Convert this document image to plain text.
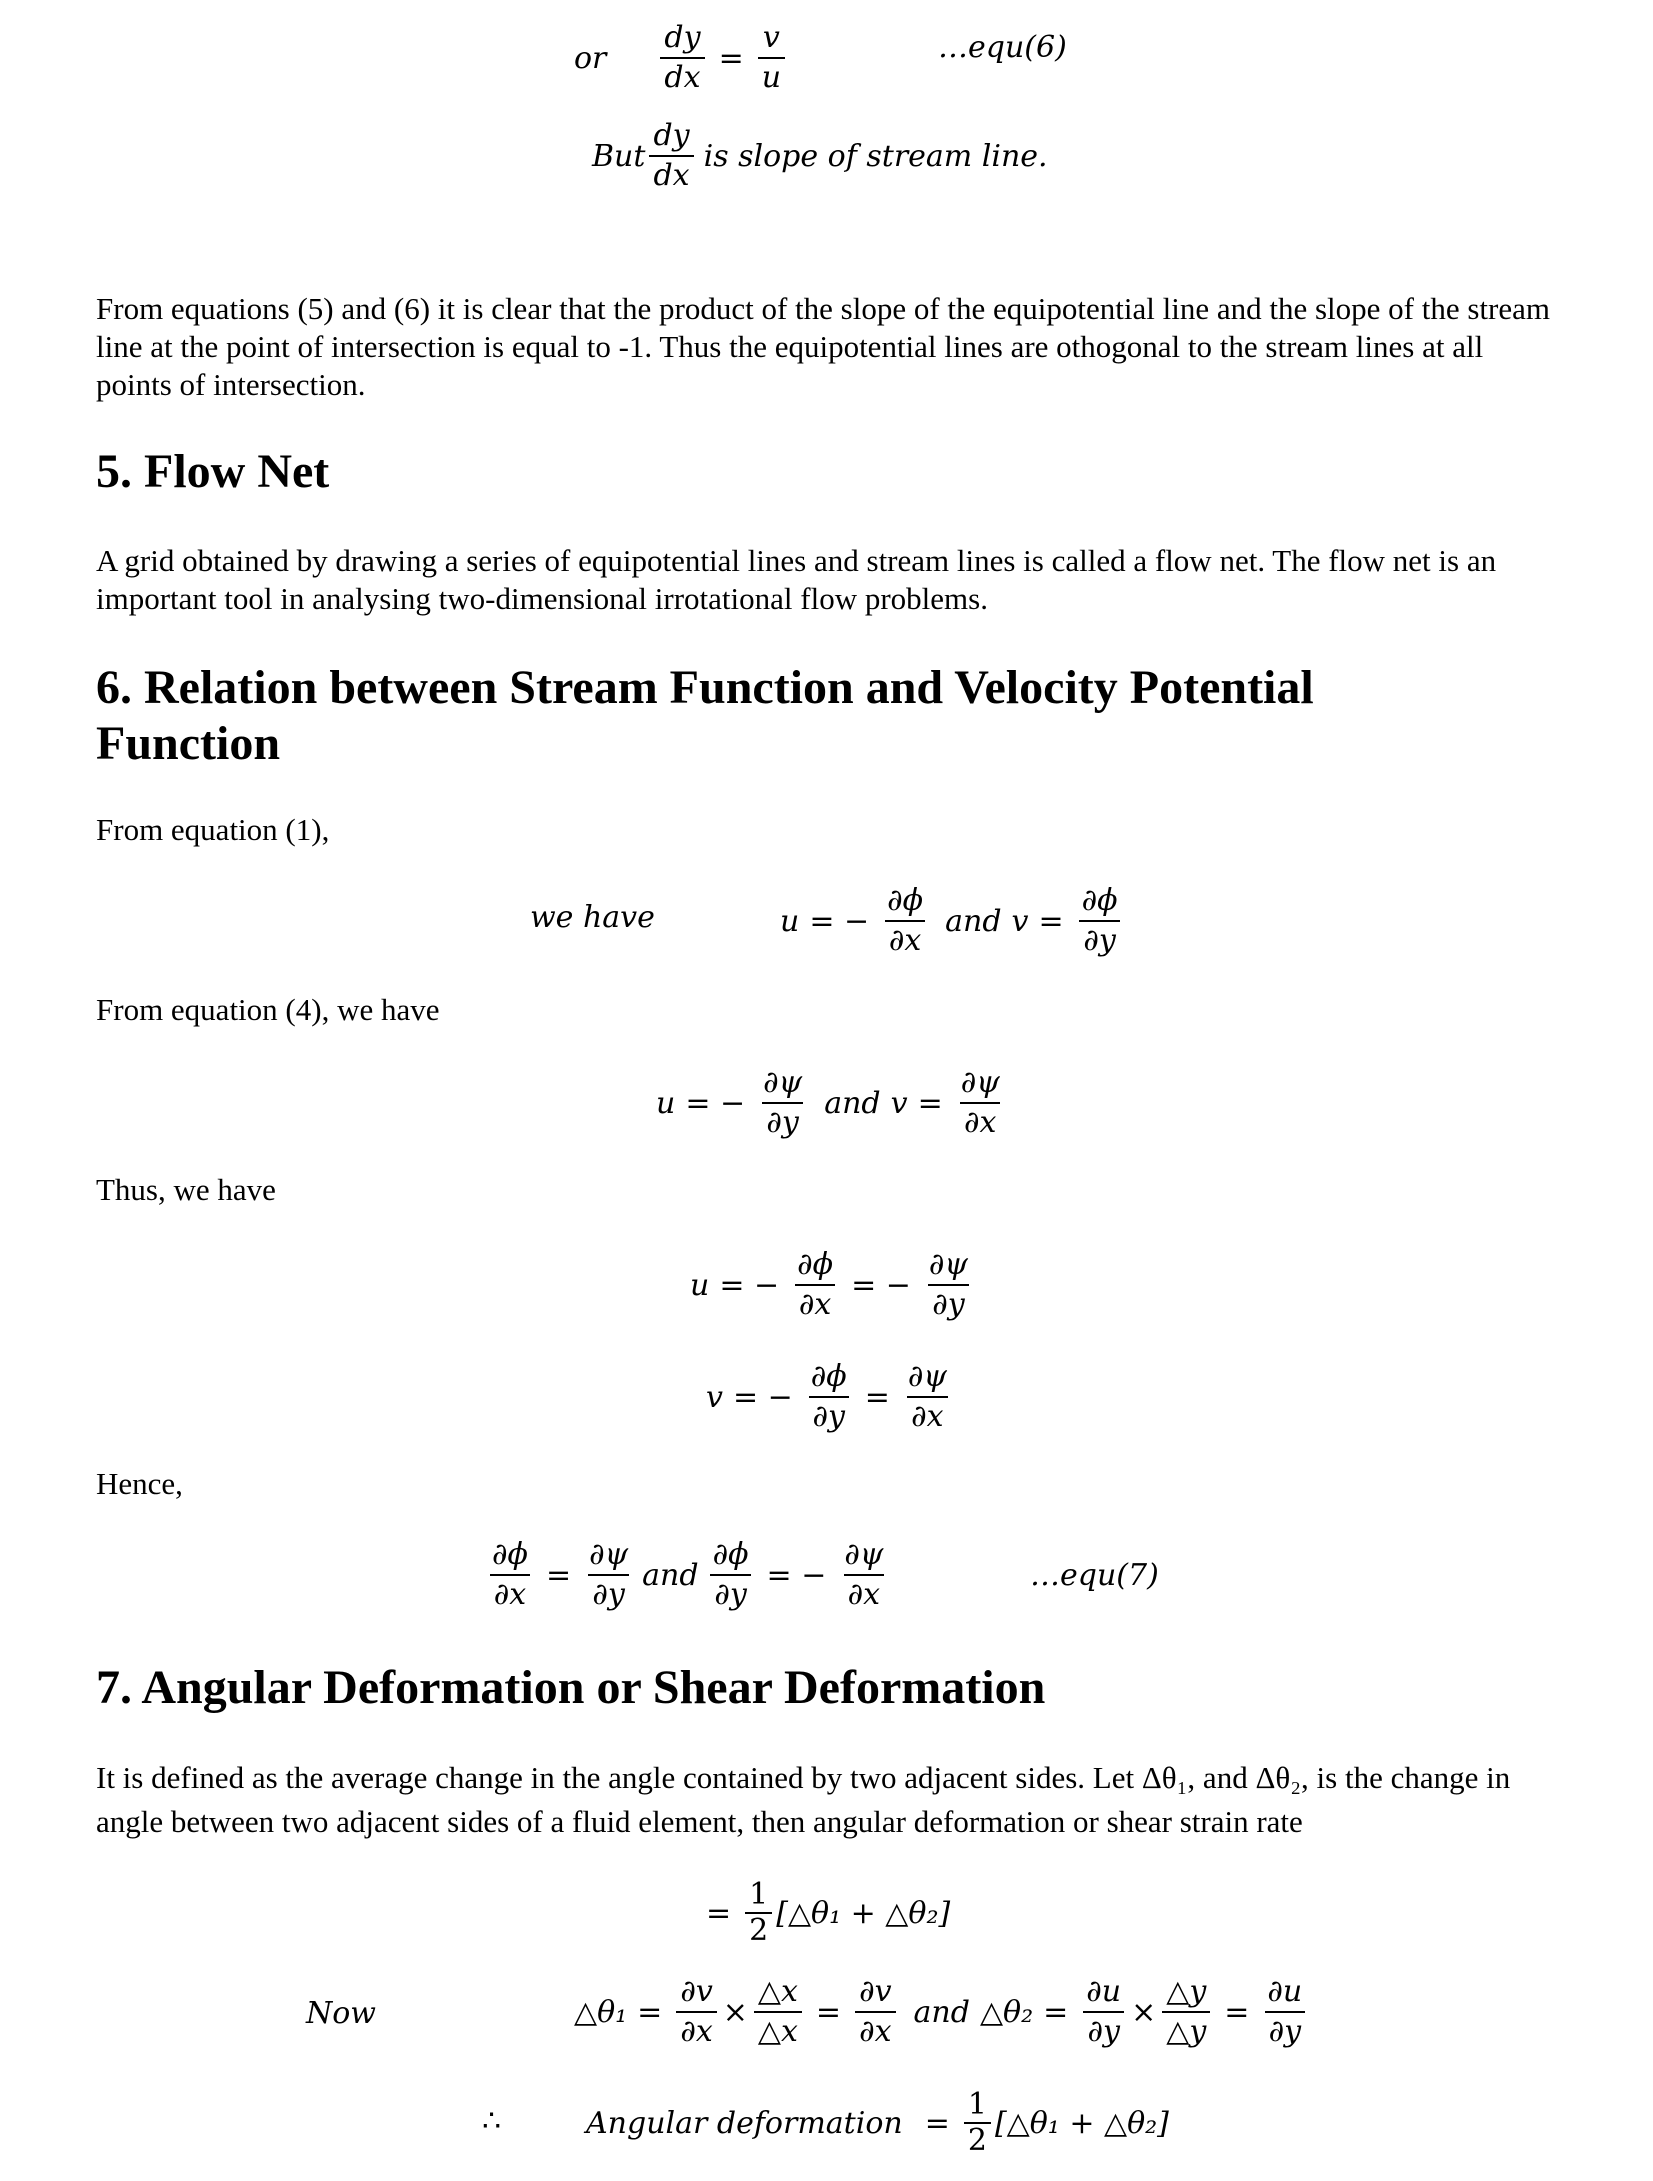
or $\frac{dy}{dx} = \frac{v}{u}$	…equ(6)
But $\frac{dy}{dx}$ is slope of stream line.
From equations (5) and (6) it is clear that the product of the slope of the equipotential line and the slope of the stream line at the point of intersection is equal to -1. Thus the equipotential lines are othogonal to the stream lines at all points of intersection.
5. Flow Net
A grid obtained by drawing a series of equipotential lines and stream lines is called a flow net. The flow net is an important tool in analysing two-dimensional irrotational flow problems.
6. Relation between Stream Function and Velocity Potential Function
From equation (1),
we have	u = − $\frac{\partial\phi}{\partial x}$ and $v = \frac{\partial\phi}{\partial y}$
From equation (4), we have
u = − $\frac{\partial\psi}{\partial y}$ and $v = \frac{\partial\psi}{\partial x}$
Thus, we have
u = − $\frac{\partial\phi}{\partial x}$ = − $\frac{\partial\psi}{\partial y}$
v = − $\frac{\partial\phi}{\partial y} = \frac{\partial\psi}{\partial x}$
Hence,
$\frac{\partial\phi}{\partial x} = \frac{\partial\psi}{\partial y}$ and $\frac{\partial\phi}{\partial y}$ = − $\frac{\partial\psi}{\partial x}$	…equ(7)
7. Angular Deformation or Shear Deformation
It is defined as the average change in the angle contained by two adjacent sides. Let Δθ₁, and Δθ₂, is the change in angle between two adjacent sides of a fluid element, then angular deformation or shear strain rate
= $\frac{1}{2}$ [△θ₁ + △θ₂]
Now	△θ₁ = $\frac{\partial v}{\partial x} \times \frac{\triangle x}{\triangle x} = \frac{\partial v}{\partial x}$ and △θ₂ = $\frac{\partial u}{\partial y} \times \frac{\triangle y}{\triangle y} = \frac{\partial u}{\partial y}$
∴	Angular deformation = $\frac{1}{2}$ [△θ₁ + △θ₂]
